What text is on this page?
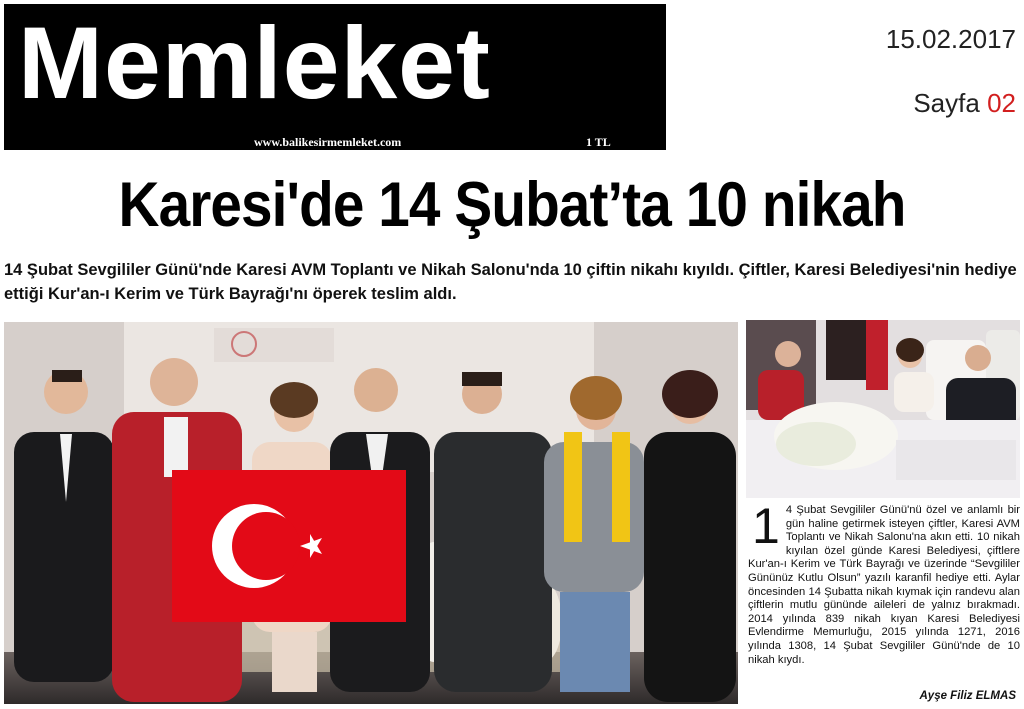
Memleket
www.balikesirmemleket.com	1 TL
15.02.2017
Sayfa 02
Karesi'de 14 Şubat’ta 10 nikah
14 Şubat Sevgililer Günü'nde Karesi AVM Toplantı ve Nikah Salonu'nda 10 çiftin nikahı kıyıldı. Çiftler, Karesi Belediyesi'nin hediye ettiği Kur'an-ı Kerim ve Türk Bayrağı'nı öperek teslim aldı.

1 4 Şubat Sevgililer Günü'nü özel ve anlamlı bir gün haline getirmek isteyen çiftler, Karesi AVM Toplantı ve Nikah Salonu'na akın etti. 10 nikah kıyılan özel günde Karesi Belediyesi, çiftlere Kur'an-ı Kerim ve Türk Bayrağı ve üzerinde “Sevgililer Gününüz Kutlu Olsun” yazılı karanfil hediye etti. Aylar öncesinden 14 Şubatta nikah kıymak için randevu alan çiftlerin mutlu gününde aileleri de yalnız bırakmadı. 2014 yılında 839 nikah kıyan Karesi Belediyesi Evlendirme Memurluğu, 2015 yılında 1271, 2016 yılında 1308, 14 Şubat Sevgililer Günü'nde de 10 nikah kıydı.

Ayşe Filiz ELMAS
